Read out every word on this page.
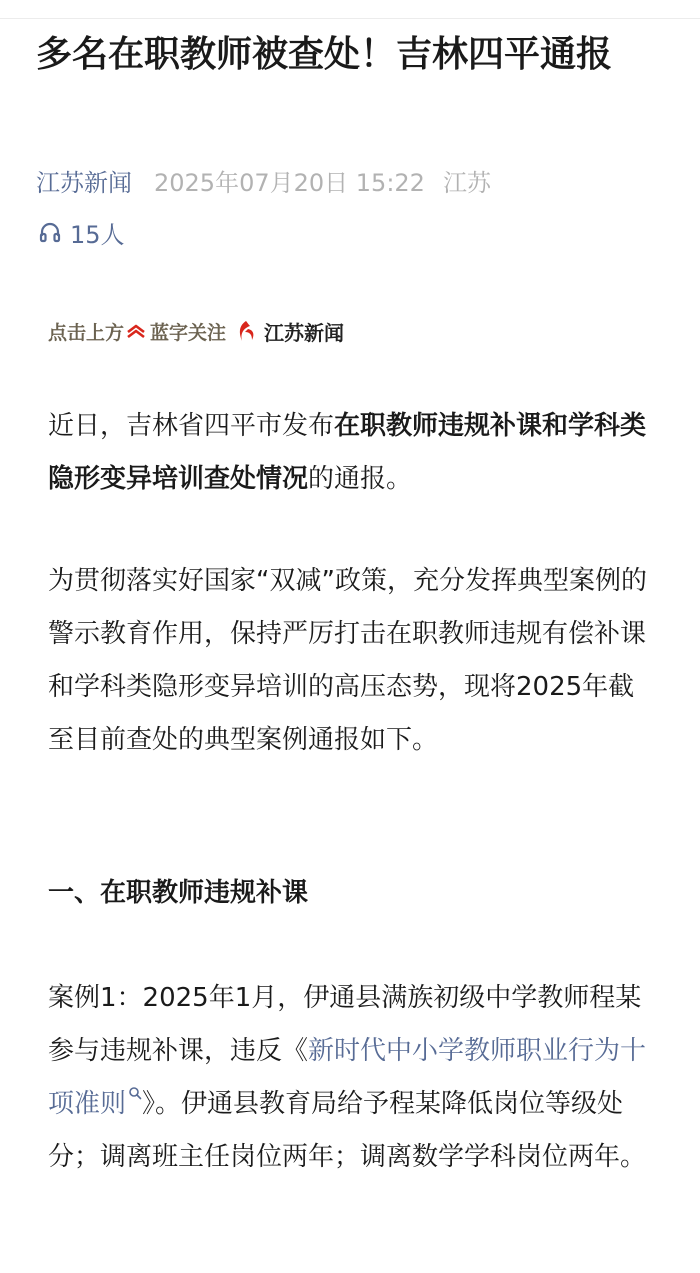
多名在职教师被查处！吉林四平通报
江苏新闻 2025年07月20日 15:22 江苏
15人
点击上方 蓝字关注 江苏新闻

近日，吉林省四平市发布在职教师违规补课和学科类隐形变异培训查处情况的通报。

为贯彻落实好国家“双减”政策，充分发挥典型案例的警示教育作用，保持严厉打击在职教师违规有偿补课和学科类隐形变异培训的高压态势，现将2025年截至目前查处的典型案例通报如下。

一、在职教师违规补课

案例1：2025年1月，伊通县满族初级中学教师程某参与违规补课，违反《新时代中小学教师职业行为十项准则 》。伊通县教育局给予程某降低岗位等级处分；调离班主任岗位两年；调离数学学科岗位两年。
